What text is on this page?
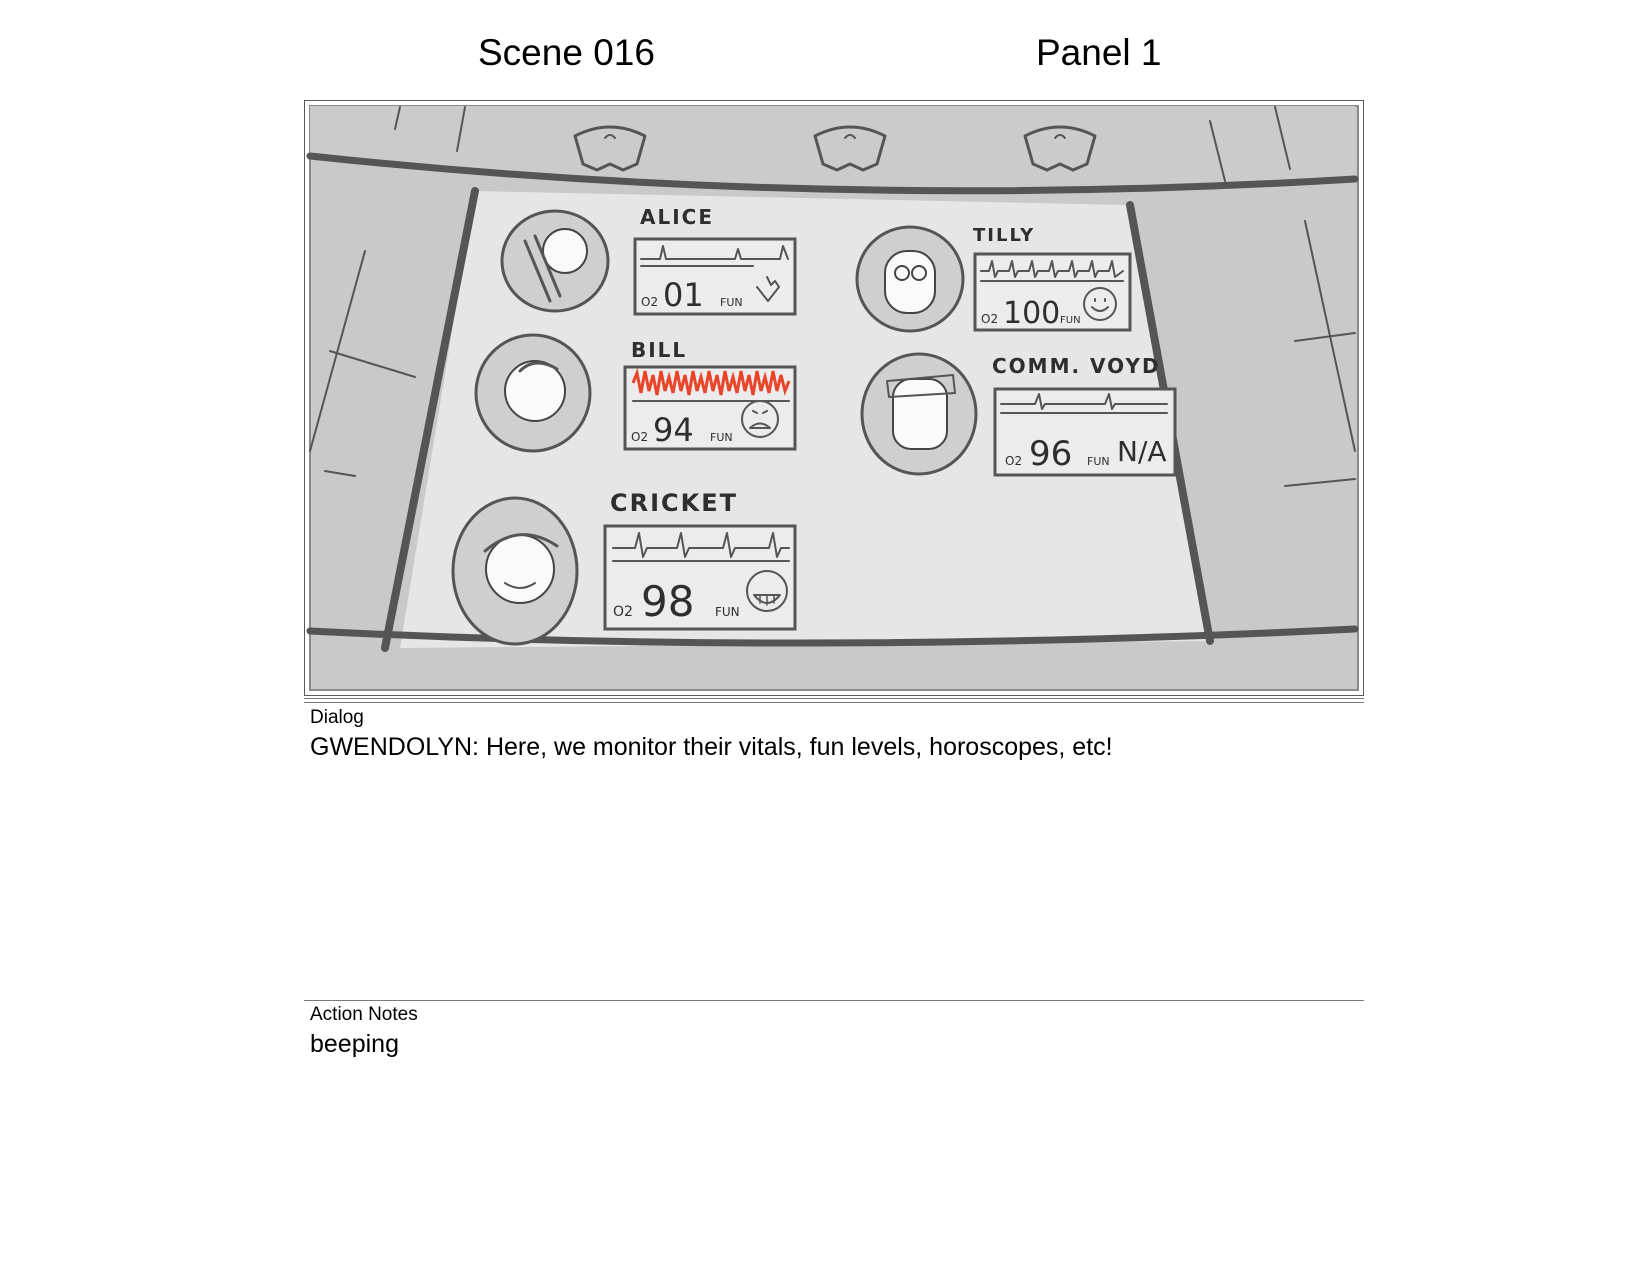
Scene 016	Panel 1
ALICE
O2 01 FUN
BILL
O2 94 FUN
CRICKET
O2 98 FUN
TILLY
O2 100 FUN
COMM. VOYD
O2 96 FUN N/A
Dialog
GWENDOLYN: Here, we monitor their vitals, fun levels, horoscopes, etc!
Action Notes
beeping
